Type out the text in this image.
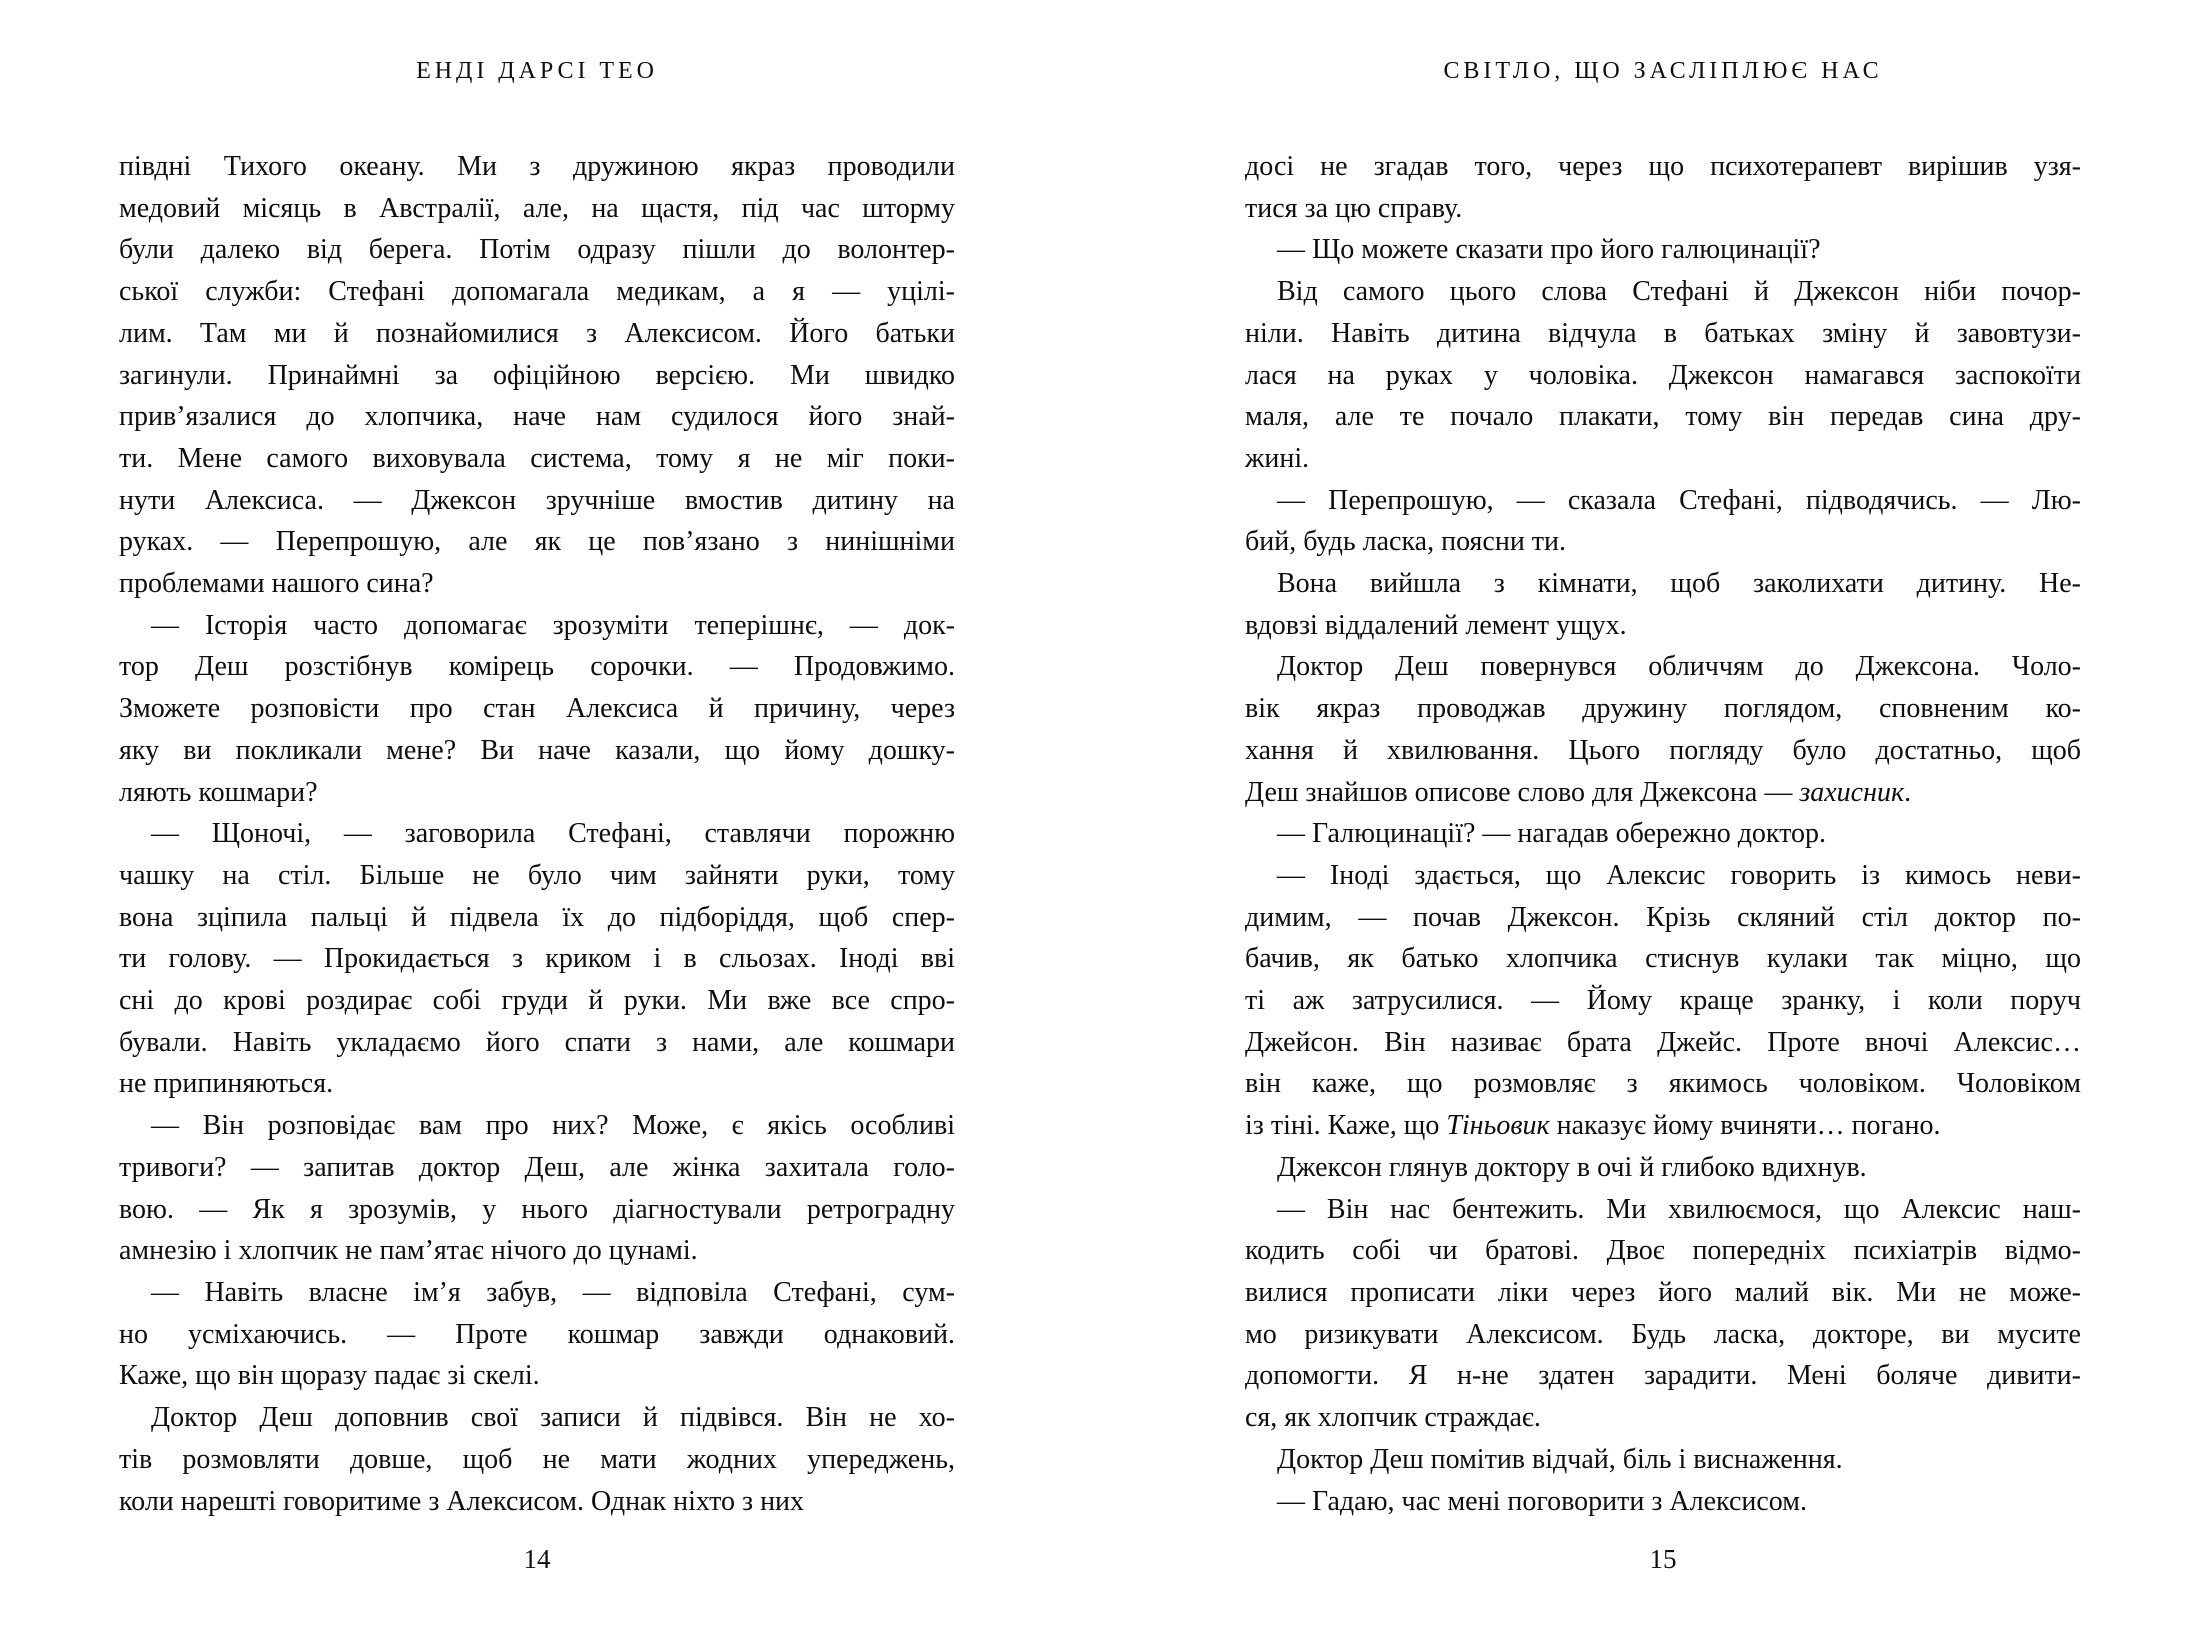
ЕНДІ ДАРСІ ТЕО
півдні Тихого океану. Ми з дружиною якраз проводили
медовий місяць в Австралії, але, на щастя, під час шторму
були далеко від берега. Потім одразу пішли до волонтер-
ської служби: Стефані допомагала медикам, а я — уцілі-
лим. Там ми й познайомилися з Алексисом. Його батьки
загинули. Принаймні за офіційною версією. Ми швидко
прив’язалися до хлопчика, наче нам судилося його знай-
ти. Мене самого виховувала система, тому я не міг поки-
нути Алексиса. — Джексон зручніше вмостив дитину на
руках. — Перепрошую, але як це пов’язано з нинішніми
проблемами нашого сина?
— Історія часто допомагає зрозуміти теперішнє, — док-
тор Деш розстібнув комірець сорочки. — Продовжимо.
Зможете розповісти про стан Алексиса й причину, через
яку ви покликали мене? Ви наче казали, що йому дошку-
ляють кошмари?
— Щоночі, — заговорила Стефані, ставлячи порожню
чашку на стіл. Більше не було чим зайняти руки, тому
вона зціпила пальці й підвела їх до підборіддя, щоб спер-
ти голову. — Прокидається з криком і в сльозах. Іноді вві
сні до крові роздирає собі груди й руки. Ми вже все спро-
бували. Навіть укладаємо його спати з нами, але кошмари
не припиняються.
— Він розповідає вам про них? Може, є якісь особливі
тривоги? — запитав доктор Деш, але жінка захитала голо-
вою. — Як я зрозумів, у нього діагностували ретроградну
амнезію і хлопчик не пам’ятає нічого до цунамі.
— Навіть власне ім’я забув, — відповіла Стефані, сум-
но усміхаючись. — Проте кошмар завжди однаковий.
Каже, що він щоразу падає зі скелі.
Доктор Деш доповнив свої записи й підвівся. Він не хо-
тів розмовляти довше, щоб не мати жодних упереджень,
коли нарешті говоритиме з Алексисом. Однак ніхто з них
14
СВІТЛО, ЩО ЗАСЛІПЛЮЄ НАС
досі не згадав того, через що психотерапевт вирішив узя-
тися за цю справу.
— Що можете сказати про його галюцинації?
Від самого цього слова Стефані й Джексон ніби почор-
ніли. Навіть дитина відчула в батьках зміну й завовтузи-
лася на руках у чоловіка. Джексон намагався заспокоїти
маля, але те почало плакати, тому він передав сина дру-
жині.
— Перепрошую, — сказала Стефані, підводячись. — Лю-
бий, будь ласка, поясни ти.
Вона вийшла з кімнати, щоб заколихати дитину. Не-
вдовзі віддалений лемент ущух.
Доктор Деш повернувся обличчям до Джексона. Чоло-
вік якраз проводжав дружину поглядом, сповненим ко-
хання й хвилювання. Цього погляду було достатньо, щоб
Деш знайшов описове слово для Джексона — захисник.
— Галюцинації? — нагадав обережно доктор.
— Іноді здається, що Алексис говорить із кимось неви-
димим, — почав Джексон. Крізь скляний стіл доктор по-
бачив, як батько хлопчика стиснув кулаки так міцно, що
ті аж затрусилися. — Йому краще зранку, і коли поруч
Джейсон. Він називає брата Джейс. Проте вночі Алексис…
він каже, що розмовляє з якимось чоловіком. Чоловіком
із тіні. Каже, що Тіньовик наказує йому вчиняти… погано.
Джексон глянув доктору в очі й глибоко вдихнув.
— Він нас бентежить. Ми хвилюємося, що Алексис наш-
кодить собі чи братові. Двоє попередніх психіатрів відмо-
вилися прописати ліки через його малий вік. Ми не може-
мо ризикувати Алексисом. Будь ласка, докторе, ви мусите
допомогти. Я н-не здатен зарадити. Мені боляче дивити-
ся, як хлопчик страждає.
Доктор Деш помітив відчай, біль і виснаження.
— Гадаю, час мені поговорити з Алексисом.
15
